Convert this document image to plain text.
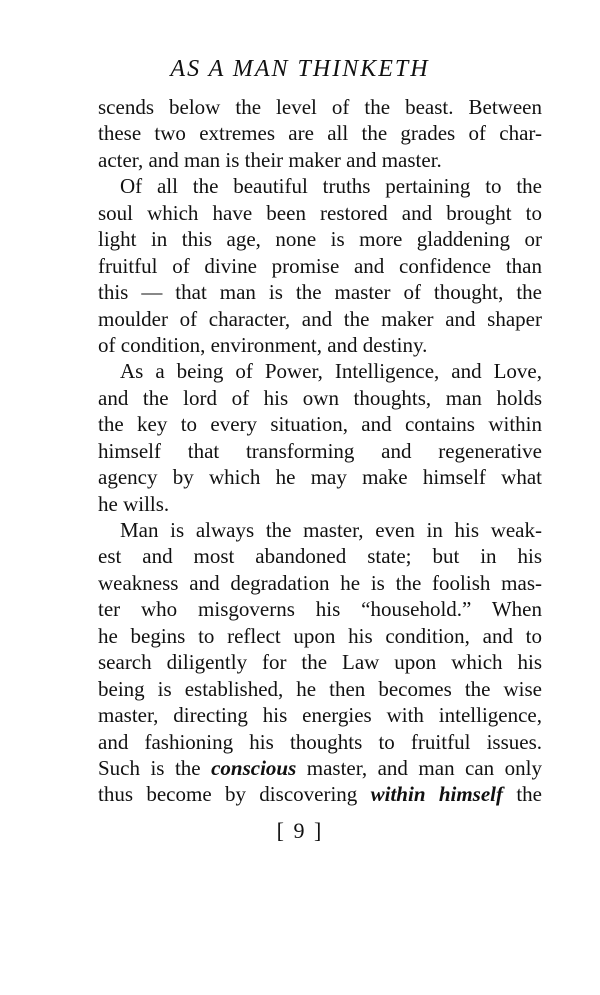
AS A MAN THINKETH
scends below the level of the beast. Between
these two extremes are all the grades of char-
acter, and man is their maker and master.
Of all the beautiful truths pertaining to the
soul which have been restored and brought to
light in this age, none is more gladdening or
fruitful of divine promise and confidence than
this — that man is the master of thought, the
moulder of character, and the maker and shaper
of condition, environment, and destiny.
As a being of Power, Intelligence, and Love,
and the lord of his own thoughts, man holds
the key to every situation, and contains within
himself that transforming and regenerative
agency by which he may make himself what
he wills.
Man is always the master, even in his weak-
est and most abandoned state; but in his
weakness and degradation he is the foolish mas-
ter who misgoverns his “household.” When
he begins to reflect upon his condition, and to
search diligently for the Law upon which his
being is established, he then becomes the wise
master, directing his energies with intelligence,
and fashioning his thoughts to fruitful issues.
Such is the conscious master, and man can only
thus become by discovering within himself the
[ 9 ]
